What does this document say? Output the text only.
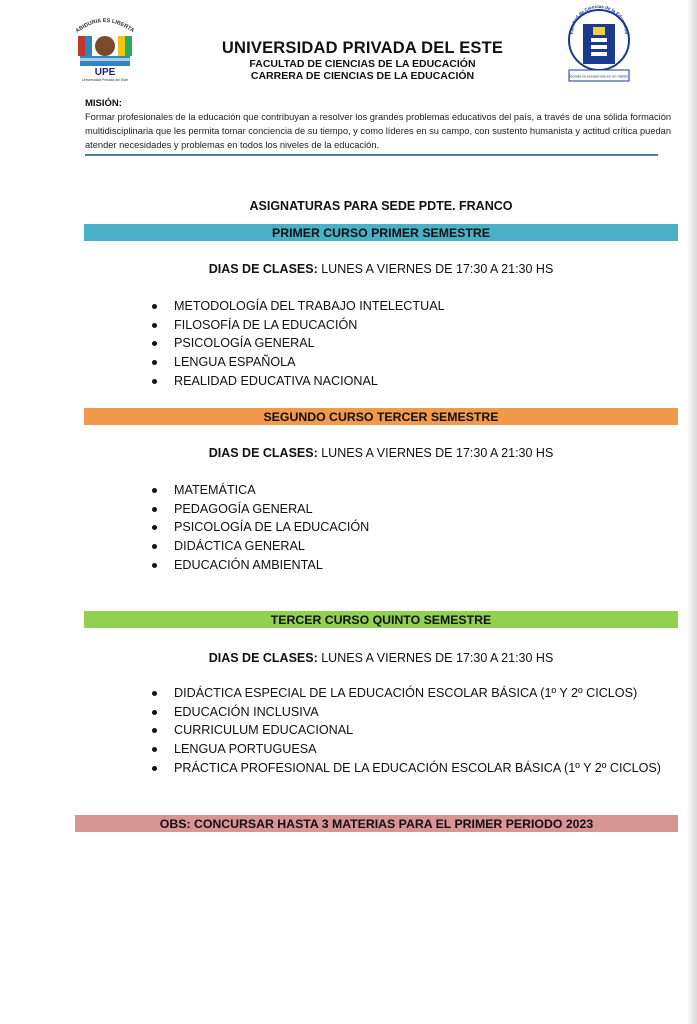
ABIDURIA ES LIBERTA
UPE
Universidad Privada del Este
UNIVERSIDAD PRIVADA DEL ESTE
FACULTAD DE CIENCIAS DE LA EDUCACIÓN
CARRERA DE CIENCIAS DE LA EDUCACIÓN
Facultad de Ciencias de la Educación
Donde la excelencia es un hábito
MISIÓN:
Formar profesionales de la educación que contribuyan a resolver los grandes problemas educativos del país, a través de una sólida formación multidisciplinaria que les permita tomar conciencia de su tiempo, y como líderes en su campo, con sustento humanista y actitud crítica puedan atender necesidades y problemas en todos los niveles de la educación.
ASIGNATURAS PARA SEDE PDTE. FRANCO
PRIMER CURSO PRIMER SEMESTRE
DIAS DE CLASES: LUNES A VIERNES DE 17:30 A 21:30 HS
METODOLOGÍA DEL TRABAJO INTELECTUAL
FILOSOFÍA DE LA EDUCACIÓN
PSICOLOGÍA GENERAL
LENGUA ESPAÑOLA
REALIDAD EDUCATIVA NACIONAL
SEGUNDO CURSO TERCER SEMESTRE
DIAS DE CLASES: LUNES A VIERNES DE 17:30 A 21:30 HS
MATEMÁTICA
PEDAGOGÍA GENERAL
PSICOLOGÍA DE LA EDUCACIÓN
DIDÁCTICA GENERAL
EDUCACIÓN AMBIENTAL
TERCER CURSO QUINTO SEMESTRE
DIAS DE CLASES: LUNES A VIERNES DE 17:30 A 21:30 HS
DIDÁCTICA ESPECIAL DE LA EDUCACIÓN ESCOLAR BÁSICA (1º Y 2º CICLOS)
EDUCACIÓN INCLUSIVA
CURRICULUM EDUCACIONAL
LENGUA PORTUGUESA
PRÁCTICA PROFESIONAL DE LA EDUCACIÓN ESCOLAR BÁSICA (1º Y 2º CICLOS)
OBS: CONCURSAR HASTA 3 MATERIAS PARA EL PRIMER PERIODO 2023
